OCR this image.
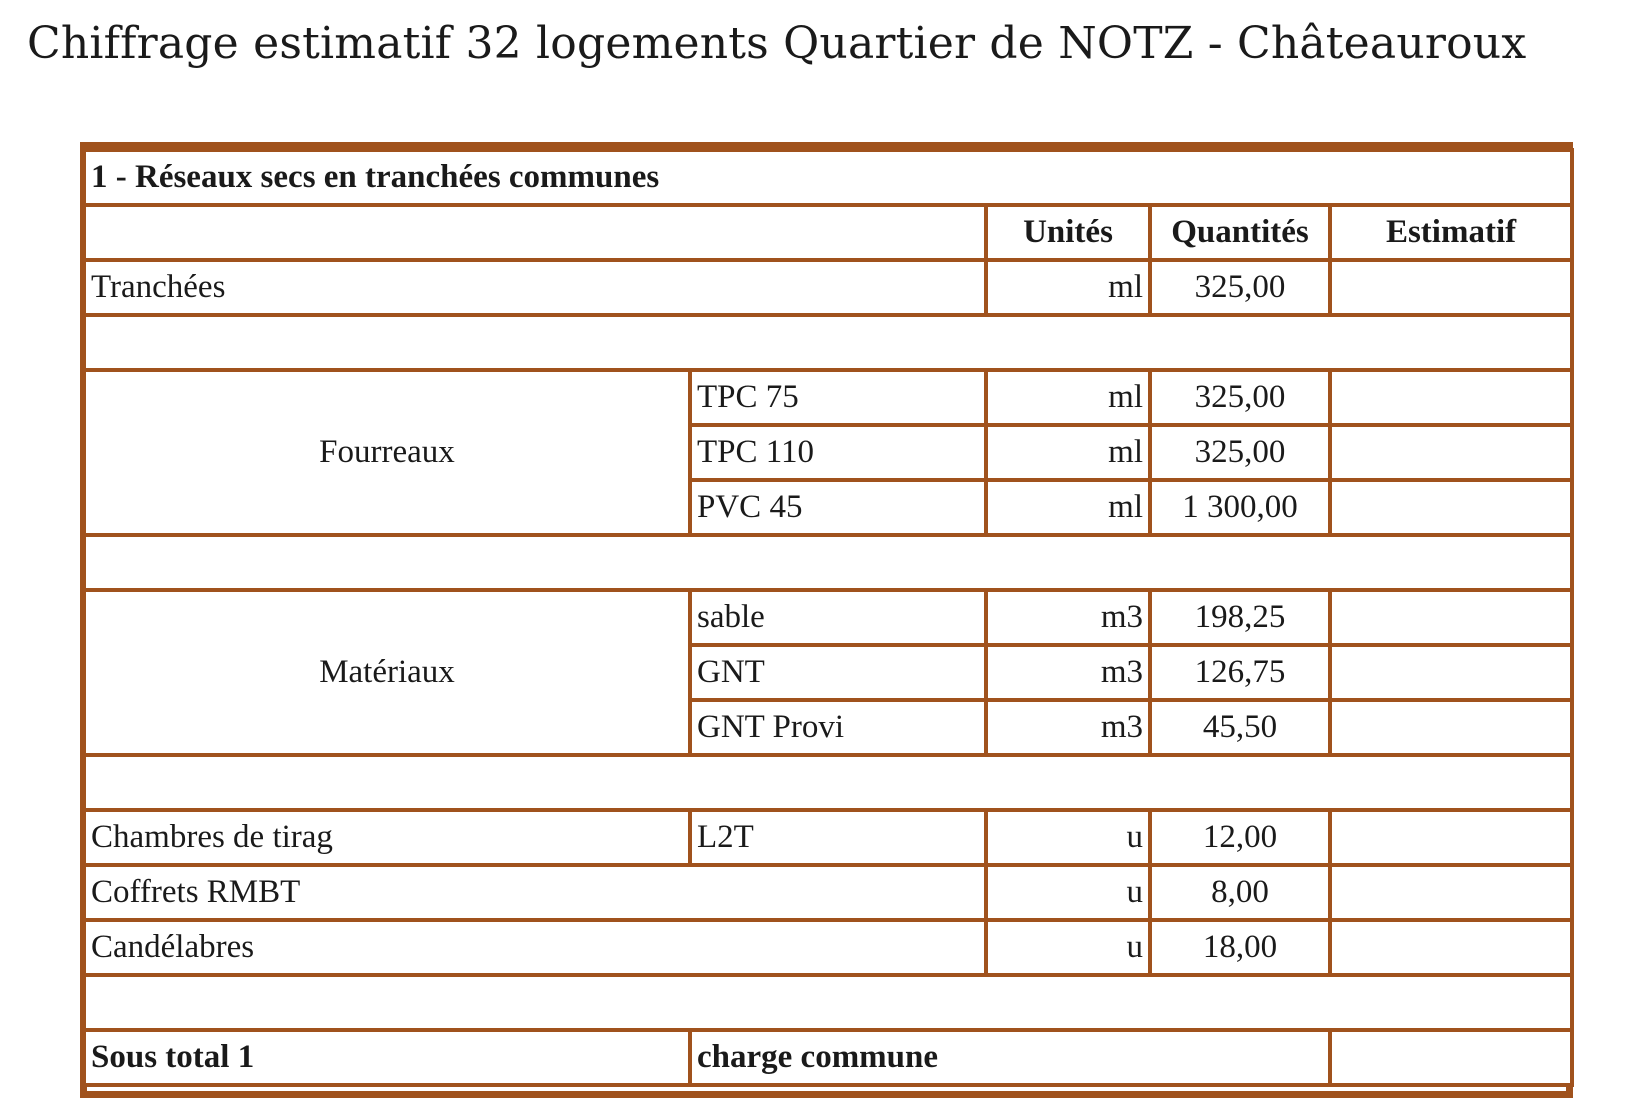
Chiffrage estimatif 32 logements Quartier de NOTZ - Châteauroux
1 - Réseaux secs en tranchées communes				
		Unités	Quantités	Estimatif
Tranchées		ml	325,00	

Fourreaux	TPC 75	ml	325,00	
	TPC 110	ml	325,00	
	PVC 45	ml	1 300,00	

Matériaux	sable	m3	198,25	
	GNT	m3	126,75	
	GNT Provi	m3	45,50	

Chambres de tirag	L2T	u	12,00	
Coffrets RMBT		u	8,00	
Candélabres		u	18,00	

Sous total 1	charge commune			
